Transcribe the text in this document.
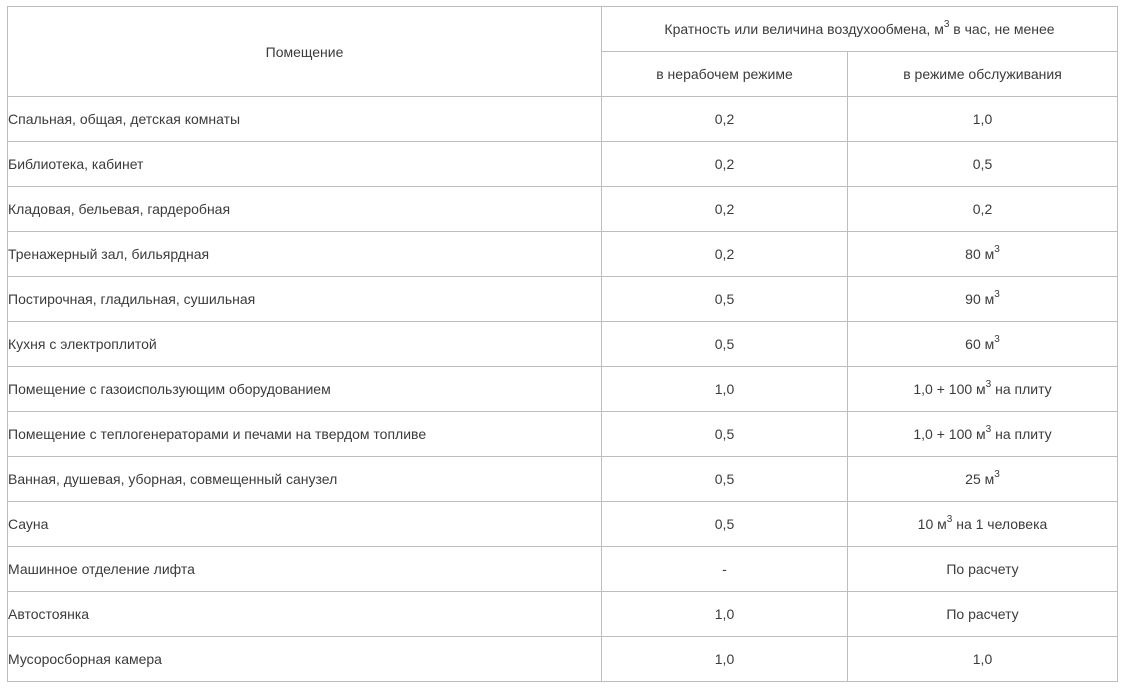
Помещение	Кратность или величина воздухообмена, $м^3$ в час, не менее	
	в нерабочем режиме	в режиме обслуживания
Спальная, общая, детская комнаты	0,2	1,0
Библиотека, кабинет	0,2	0,5
Кладовая, бельевая, гардеробная	0,2	0,2
Тренажерный зал, бильярдная	0,2	80 $м^3$
Постирочная, гладильная, сушильная	0,5	90 $м^3$
Кухня с электроплитой	0,5	60 $м^3$
Помещение с газоиспользующим оборудованием	1,0	1,0 + 100 $м^3$ на плиту
Помещение с теплогенераторами и печами на твердом топливе	0,5	1,0 + 100 $м^3$ на плиту
Ванная, душевая, уборная, совмещенный санузел	0,5	25 $м^3$
Сауна	0,5	10 $м^3$ на 1 человека
Машинное отделение лифта	-	По расчету
Автостоянка	1,0	По расчету
Мусоросборная камера	1,0	1,0
